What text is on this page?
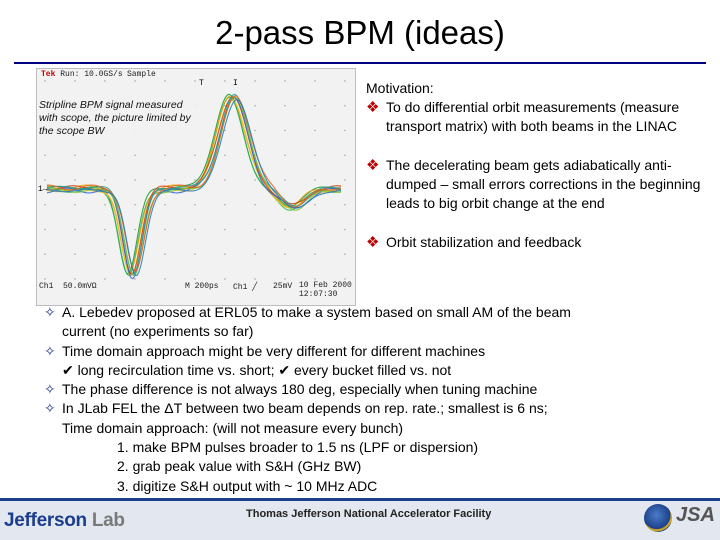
2-pass BPM (ideas)
1→
T	I
Tek Run: 10.0GS/s Sample
Stripline BPM signal measured with scope, the picture limited by the scope BW
Ch1 50.0mVΩ	M 200ps Ch1 ╱ 25mV 10 Feb 2000
12:07:30
Motivation:
❖ To do differential orbit measurements (measure transport matrix) with both beams in the LINAC
❖ The decelerating beam gets adiabatically anti-dumped – small errors corrections in the beginning leads to big orbit change at the end
❖ Orbit stabilization and feedback
✧ A. Lebedev proposed at ERL05 to make a system based on small AM of the beam
current (no experiments so far)
✧ Time domain approach might be very different for different machines
✔ long recirculation time vs. short; ✔ every bucket filled vs. not
✧ The phase difference is not always 180 deg, especially when tuning machine
✧ In JLab FEL the ΔT between two beam depends on rep. rate.; smallest is 6 ns;
Time domain approach: (will not measure every bunch)
1. make BPM pulses broader to 1.5 ns (LPF or dispersion)
2. grab peak value with S&H (GHz BW)
3. digitize S&H output with ~ 10 MHz ADC
Jefferson Lab	Thomas Jefferson National Accelerator Facility	JSA
